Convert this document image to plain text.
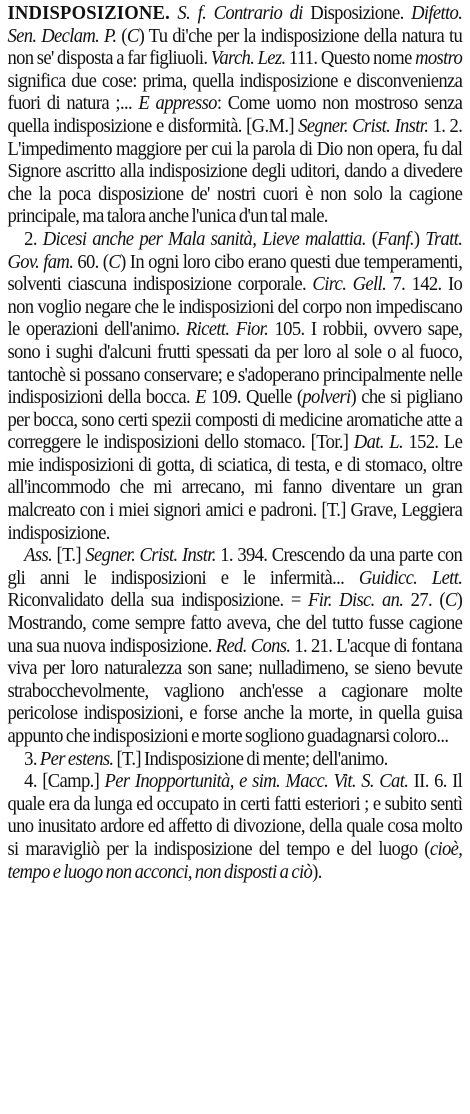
INDISPOSIZIONE. S. f. Contrario di Disposizione. Difetto. Sen. Declam. P. (C) Tu di'che per la indisposizione della natura tu non se' disposta a far figliuoli. Varch. Lez. 111. Questo nome mostro significa due cose: prima, quella indisposizione e disconvenienza fuori di natura ;... E appresso: Come uomo non mostroso senza quella indisposizione e disformità. [G.M.] Segner. Crist. Instr. 1. 2. L'impedimento maggiore per cui la parola di Dio non opera, fu dal Signore ascritto alla indisposizione degli uditori, dando a divedere che la poca disposizione de' nostri cuori è non solo la cagione principale, ma talora anche l'unica d'un tal male.

2. Dicesi anche per Mala sanità, Lieve malattia. (Fanf.) Tratt. Gov. fam. 60. (C) In ogni loro cibo erano questi due temperamenti, solventi ciascuna indisposizione corporale. Circ. Gell. 7. 142. Io non voglio negare che le indisposizioni del corpo non impediscano le operazioni dell'animo. Ricett. Fior. 105. I robbii, ovvero sape, sono i sughi d'alcuni frutti spessati da per loro al sole o al fuoco, tantochè si possano conservare; e s'adoperano principalmente nelle indisposizioni della bocca. E 109. Quelle (polveri) che si pigliano per bocca, sono certi spezii composti di medicine aromatiche atte a correggere le indisposizioni dello stomaco. [Tor.] Dat. L. 152. Le mie indisposizioni di gotta, di sciatica, di testa, e di stomaco, oltre all'incommodo che mi arrecano, mi fanno diventare un gran malcreato con i miei signori amici e padroni. [T.] Grave, Leggiera indisposizione.

Ass. [T.] Segner. Crist. Instr. 1. 394. Crescendo da una parte con gli anni le indisposizioni e le infermità... Guidicc. Lett. Riconvalidato della sua indisposizione. = Fir. Disc. an. 27. (C) Mostrando, come sempre fatto aveva, che del tutto fusse cagione una sua nuova indisposizione. Red. Cons. 1. 21. L'acque di fontana viva per loro naturalezza son sane; nulladimeno, se sieno bevute strabocchevolmente, vagliono anch'esse a cagionare molte pericolose indisposizioni, e forse anche la morte, in quella guisa appunto che indisposizioni e morte sogliono guadagnarsi coloro...

3. Per estens. [T.] Indisposizione di mente; dell'animo.

4. [Camp.] Per Inopportunità, e sim. Macc. Vit. S. Cat. II. 6. Il quale era da lunga ed occupato in certi fatti esteriori ; e subito sentì uno inusitato ardore ed affetto di divozione, della quale cosa molto si maravigliò per la indisposizione del tempo e del luogo (cioè, tempo e luogo non acconci, non disposti a ciò).
